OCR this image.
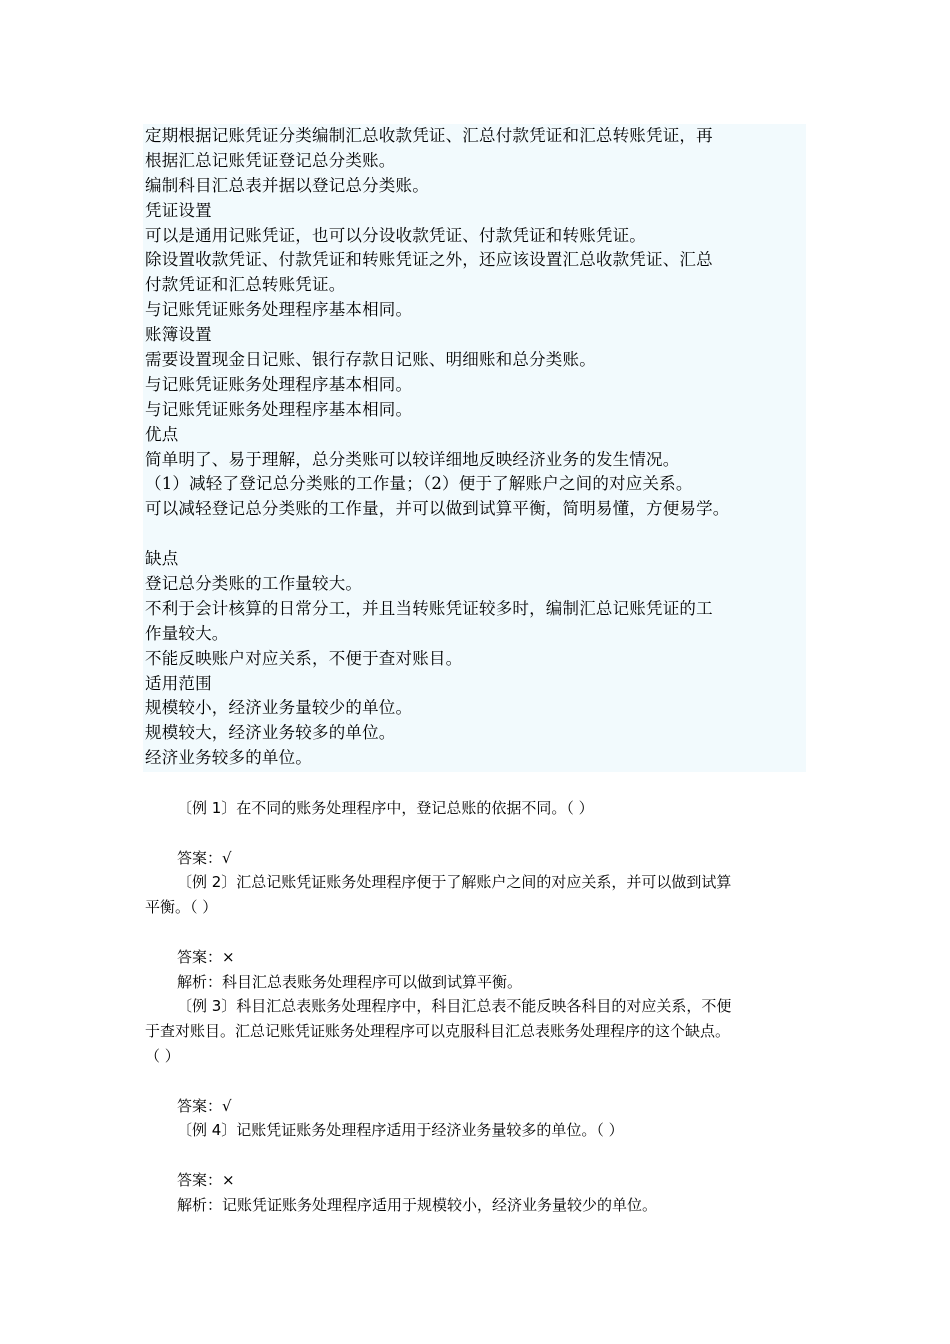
定期根据记账凭证分类编制汇总收款凭证、汇总付款凭证和汇总转账凭证，再
根据汇总记账凭证登记总分类账。
编制科目汇总表并据以登记总分类账。
凭证设置
可以是通用记账凭证，也可以分设收款凭证、付款凭证和转账凭证。
除设置收款凭证、付款凭证和转账凭证之外，还应该设置汇总收款凭证、汇总
付款凭证和汇总转账凭证。
与记账凭证账务处理程序基本相同。
账簿设置
需要设置现金日记账、银行存款日记账、明细账和总分类账。
与记账凭证账务处理程序基本相同。
与记账凭证账务处理程序基本相同。
优点
简单明了、易于理解，总分类账可以较详细地反映经济业务的发生情况。
（1）减轻了登记总分类账的工作量；（2）便于了解账户之间的对应关系。
可以减轻登记总分类账的工作量，并可以做到试算平衡，简明易懂，方便易学。
缺点
登记总分类账的工作量较大。
不利于会计核算的日常分工，并且当转账凭证较多时，编制汇总记账凭证的工
作量较大。
不能反映账户对应关系，不便于查对账目。
适用范围
规模较小，经济业务量较少的单位。
规模较大，经济业务较多的单位。
经济业务较多的单位。
〔例 1〕在不同的账务处理程序中，登记总账的依据不同。（ ）
答案：√
〔例 2〕汇总记账凭证账务处理程序便于了解账户之间的对应关系，并可以做到试算
平衡。（ ）
答案：×
解析：科目汇总表账务处理程序可以做到试算平衡。
〔例 3〕科目汇总表账务处理程序中，科目汇总表不能反映各科目的对应关系，不便
于查对账目。汇总记账凭证账务处理程序可以克服科目汇总表账务处理程序的这个缺点。
（ ）
答案：√
〔例 4〕记账凭证账务处理程序适用于经济业务量较多的单位。（ ）
答案：×
解析：记账凭证账务处理程序适用于规模较小，经济业务量较少的单位。
